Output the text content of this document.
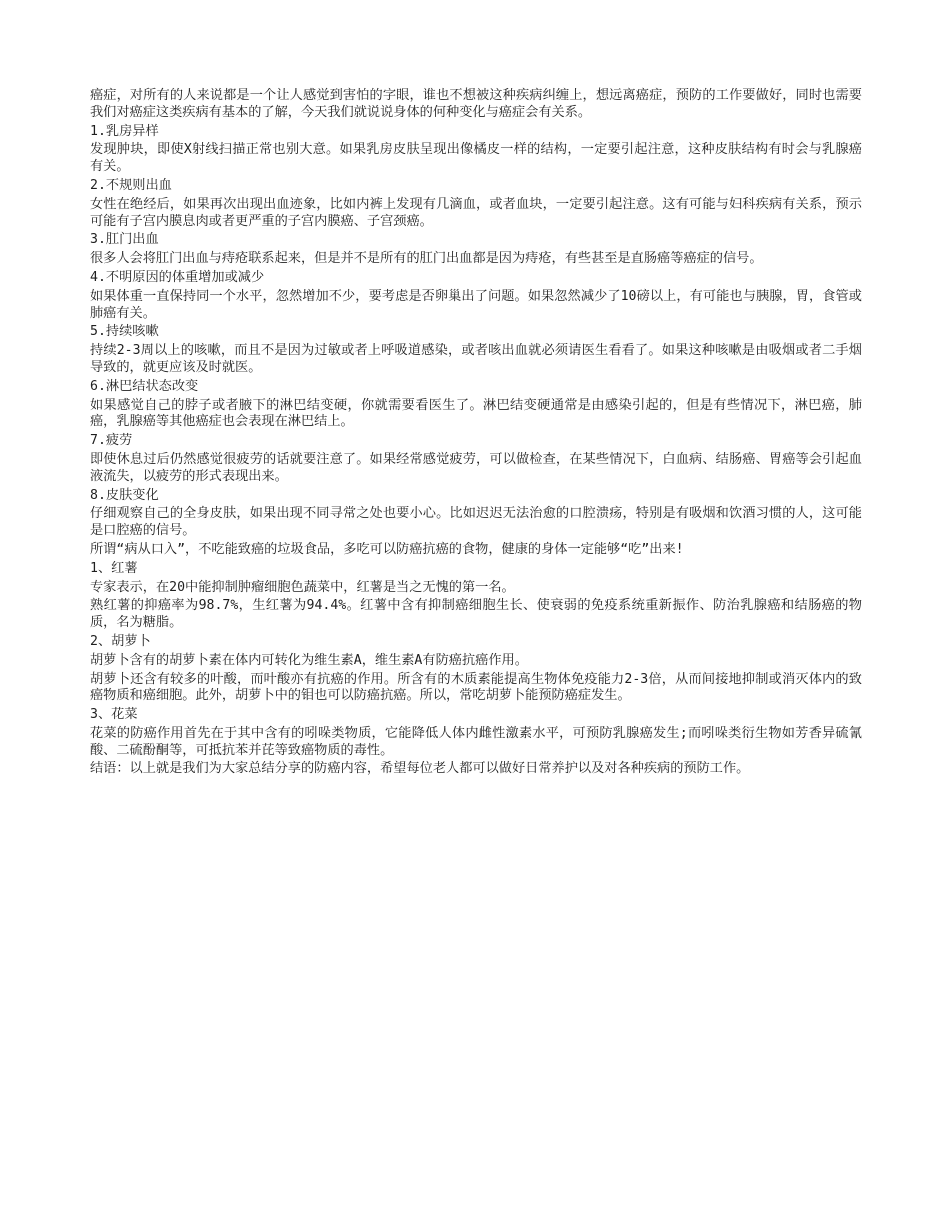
癌症，对所有的人来说都是一个让人感觉到害怕的字眼，谁也不想被这种疾病纠缠上，想远离癌症，预防的工作要做好，同时也需要我们对癌症这类疾病有基本的了解，今天我们就说说身体的何种变化与癌症会有关系。

1.乳房异样

发现肿块，即使X射线扫描正常也别大意。如果乳房皮肤呈现出像橘皮一样的结构，一定要引起注意，这种皮肤结构有时会与乳腺癌有关。

2.不规则出血

女性在绝经后，如果再次出现出血迹象，比如内裤上发现有几滴血，或者血块，一定要引起注意。这有可能与妇科疾病有关系，预示可能有子宫内膜息肉或者更严重的子宫内膜癌、子宫颈癌。

3.肛门出血

很多人会将肛门出血与痔疮联系起来，但是并不是所有的肛门出血都是因为痔疮，有些甚至是直肠癌等癌症的信号。

4.不明原因的体重增加或减少

如果体重一直保持同一个水平，忽然增加不少，要考虑是否卵巢出了问题。如果忽然减少了10磅以上，有可能也与胰腺，胃，食管或肺癌有关。

5.持续咳嗽

持续2-3周以上的咳嗽，而且不是因为过敏或者上呼吸道感染，或者咳出血就必须请医生看看了。如果这种咳嗽是由吸烟或者二手烟导致的，就更应该及时就医。

6.淋巴结状态改变

如果感觉自己的脖子或者腋下的淋巴结变硬，你就需要看医生了。淋巴结变硬通常是由感染引起的，但是有些情况下，淋巴癌，肺癌，乳腺癌等其他癌症也会表现在淋巴结上。

7.疲劳

即使休息过后仍然感觉很疲劳的话就要注意了。如果经常感觉疲劳，可以做检查，在某些情况下，白血病、结肠癌、胃癌等会引起血液流失，以疲劳的形式表现出来。

8.皮肤变化

仔细观察自己的全身皮肤，如果出现不同寻常之处也要小心。比如迟迟无法治愈的口腔溃疡，特别是有吸烟和饮酒习惯的人，这可能是口腔癌的信号。

所谓“病从口入”，不吃能致癌的垃圾食品，多吃可以防癌抗癌的食物，健康的身体一定能够“吃”出来!

1、红薯

专家表示，在20中能抑制肿瘤细胞色蔬菜中，红薯是当之无愧的第一名。

熟红薯的抑癌率为98.7%，生红薯为94.4%。红薯中含有抑制癌细胞生长、使衰弱的免疫系统重新振作、防治乳腺癌和结肠癌的物质，名为糖脂。

2、胡萝卜

胡萝卜含有的胡萝卜素在体内可转化为维生素A，维生素A有防癌抗癌作用。

胡萝卜还含有较多的叶酸，而叶酸亦有抗癌的作用。所含有的木质素能提高生物体免疫能力2-3倍，从而间接地抑制或消灭体内的致癌物质和癌细胞。此外，胡萝卜中的钼也可以防癌抗癌。所以，常吃胡萝卜能预防癌症发生。

3、花菜

花菜的防癌作用首先在于其中含有的吲哚类物质，它能降低人体内雌性激素水平，可预防乳腺癌发生;而吲哚类衍生物如芳香异硫氰酸、二硫酚酮等，可抵抗苯并芘等致癌物质的毒性。

结语：以上就是我们为大家总结分享的防癌内容，希望每位老人都可以做好日常养护以及对各种疾病的预防工作。
